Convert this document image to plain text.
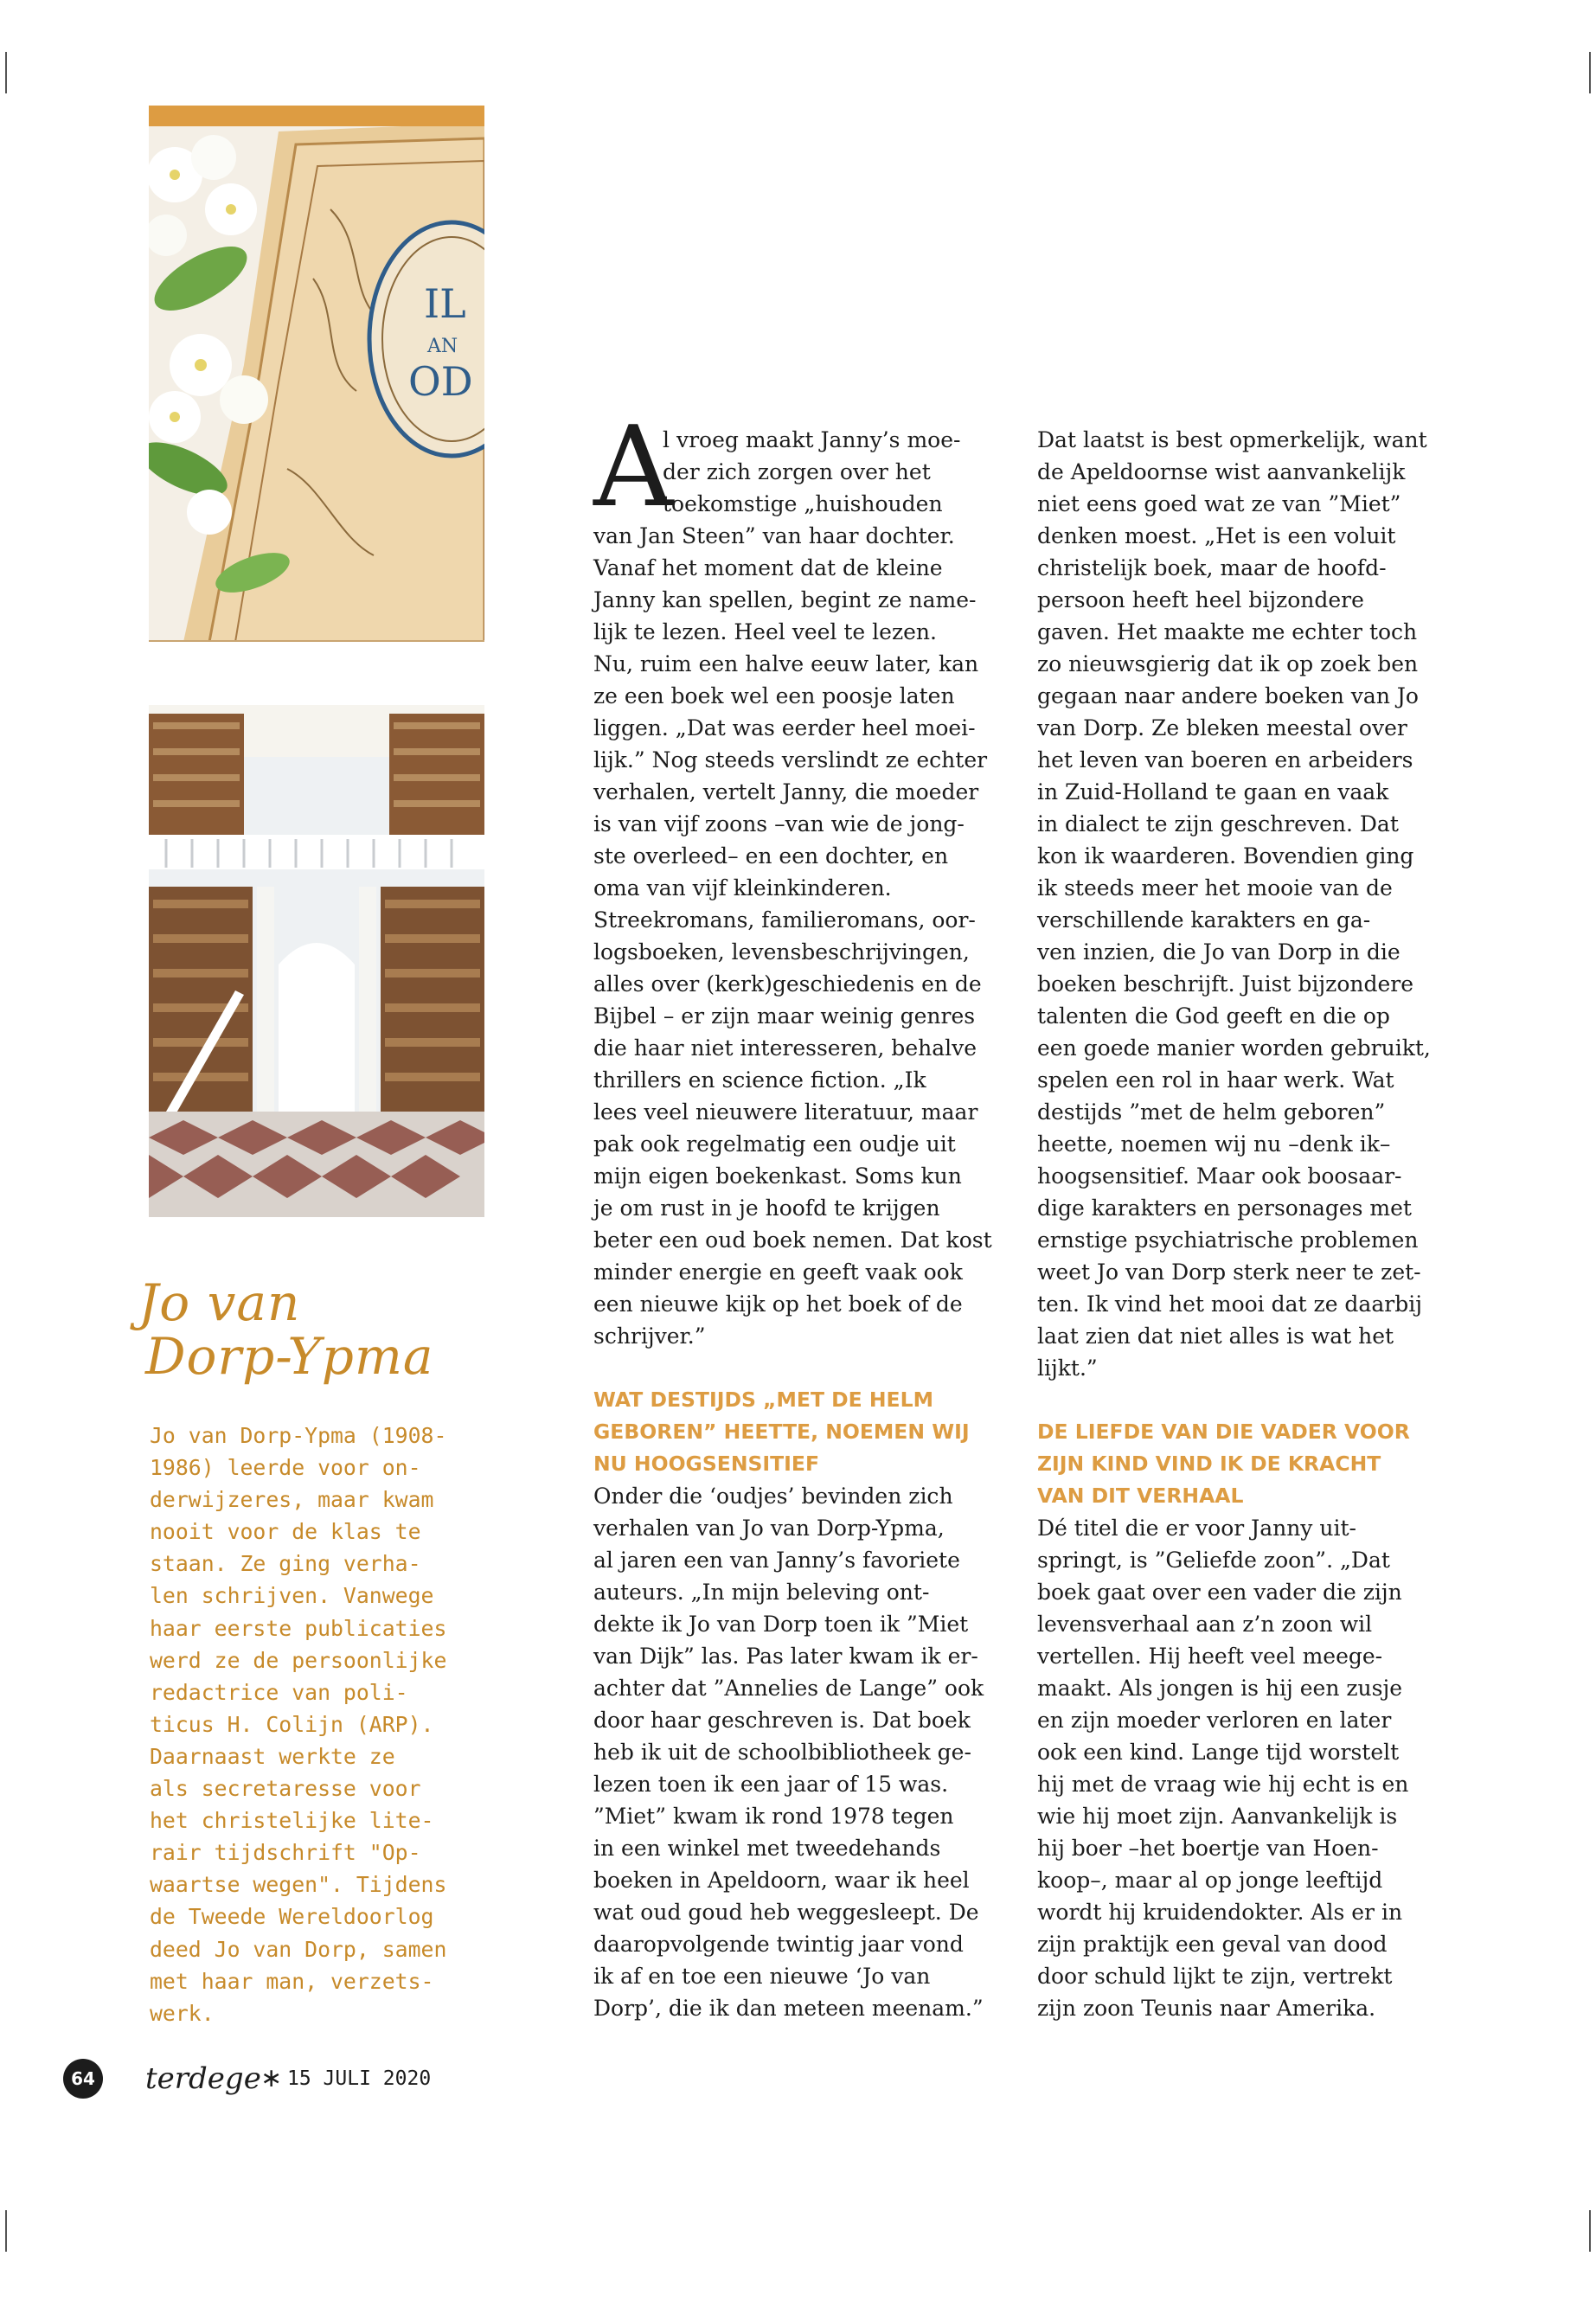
IL
AN
OD
Jo van
Dorp-Ypma
Jo van Dorp-Ypma (1908-
1986) leerde voor on-
derwijzeres, maar kwam
nooit voor de klas te
staan. Ze ging verha-
len schrijven. Vanwege
haar eerste publicaties
werd ze de persoonlijke
redactrice van poli-
ticus H. Colijn (ARP).
Daarnaast werkte ze
als secretaresse voor
het christelijke lite-
rair tijdschrift "Op-
waartse wegen". Tijdens
de Tweede Wereldoorlog
deed Jo van Dorp, samen
met haar man, verzets-
werk.
A
l vroeg maakt Janny’s moe-
der zich zorgen over het
toekomstige „huishouden
van Jan Steen” van haar dochter.
Vanaf het moment dat de kleine
Janny kan spellen, begint ze name-
lijk te lezen. Heel veel te lezen.
Nu, ruim een halve eeuw later, kan
ze een boek wel een poosje laten
liggen. „Dat was eerder heel moei-
lijk.” Nog steeds verslindt ze echter
verhalen, vertelt Janny, die moeder
is van vijf zoons –van wie de jong-
ste overleed– en een dochter, en
oma van vijf kleinkinderen.
Streekromans, familieromans, oor-
logsboeken, levensbeschrijvingen,
alles over (kerk)geschiedenis en de
Bijbel – er zijn maar weinig genres
die haar niet interesseren, behalve
thrillers en science fiction. „Ik
lees veel nieuwere literatuur, maar
pak ook regelmatig een oudje uit
mijn eigen boekenkast. Soms kun
je om rust in je hoofd te krijgen
beter een oud boek nemen. Dat kost
minder energie en geeft vaak ook
een nieuwe kijk op het boek of de
schrijver.”
WAT DESTIJDS „MET DE HELM
GEBOREN” HEETTE, NOEMEN WIJ
NU HOOGSENSITIEF
Onder die ‘oudjes’ bevinden zich
verhalen van Jo van Dorp-Ypma,
al jaren een van Janny’s favoriete
auteurs. „In mijn beleving ont-
dekte ik Jo van Dorp toen ik ”Miet
van Dijk” las. Pas later kwam ik er-
achter dat ”Annelies de Lange” ook
door haar geschreven is. Dat boek
heb ik uit de schoolbibliotheek ge-
lezen toen ik een jaar of 15 was.
”Miet” kwam ik rond 1978 tegen
in een winkel met tweedehands
boeken in Apeldoorn, waar ik heel
wat oud goud heb weggesleept. De
daaropvolgende twintig jaar vond
ik af en toe een nieuwe ‘Jo van
Dorp’, die ik dan meteen meenam.”
Dat laatst is best opmerkelijk, want
de Apeldoornse wist aanvankelijk
niet eens goed wat ze van ”Miet”
denken moest. „Het is een voluit
christelijk boek, maar de hoofd-
persoon heeft heel bijzondere
gaven. Het maakte me echter toch
zo nieuwsgierig dat ik op zoek ben
gegaan naar andere boeken van Jo
van Dorp. Ze bleken meestal over
het leven van boeren en arbeiders
in Zuid-Holland te gaan en vaak
in dialect te zijn geschreven. Dat
kon ik waarderen. Bovendien ging
ik steeds meer het mooie van de
verschillende karakters en ga-
ven inzien, die Jo van Dorp in die
boeken beschrijft. Juist bijzondere
talenten die God geeft en die op
een goede manier worden gebruikt,
spelen een rol in haar werk. Wat
destijds ”met de helm geboren”
heette, noemen wij nu –denk ik–
hoogsensitief. Maar ook boosaar-
dige karakters en personages met
ernstige psychiatrische problemen
weet Jo van Dorp sterk neer te zet-
ten. Ik vind het mooi dat ze daarbij
laat zien dat niet alles is wat het
lijkt.”
DE LIEFDE VAN DIE VADER VOOR
ZIJN KIND VIND IK DE KRACHT
VAN DIT VERHAAL
Dé titel die er voor Janny uit-
springt, is ”Geliefde zoon”. „Dat
boek gaat over een vader die zijn
levensverhaal aan z’n zoon wil
vertellen. Hij heeft veel meege-
maakt. Als jongen is hij een zusje
en zijn moeder verloren en later
ook een kind. Lange tijd worstelt
hij met de vraag wie hij echt is en
wie hij moet zijn. Aanvankelijk is
hij boer –het boertje van Hoen-
koop–, maar al op jonge leeftijd
wordt hij kruidendokter. Als er in
zijn praktijk een geval van dood
door schuld lijkt te zijn, vertrekt
zijn zoon Teunis naar Amerika.
64 terdege ∗ 15 JULI 2020
